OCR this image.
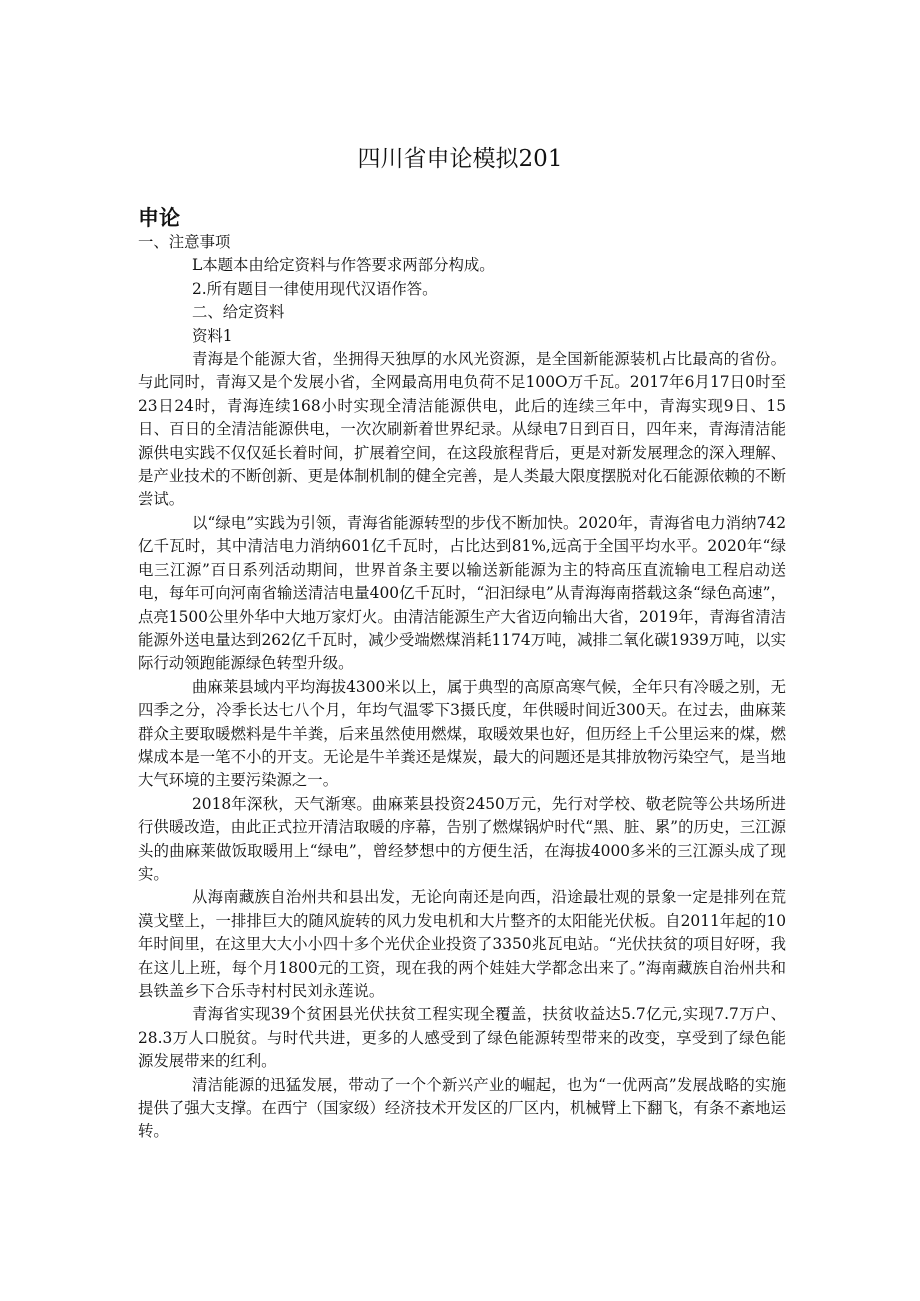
四川省申论模拟201
申论

一、注意事项

L本题本由给定资料与作答要求两部分构成。

2.所有题目一律使用现代汉语作答。

二、给定资料

资料1

青海是个能源大省，坐拥得天独厚的水风光资源，是全国新能源装机占比最高的省份。与此同时，青海又是个发展小省，全网最高用电负荷不足100O万千瓦。2017年6月17日0时至23日24时，青海连续168小时实现全清洁能源供电，此后的连续三年中，青海实现9日、15日、百日的全清洁能源供电，一次次刷新着世界纪录。从绿电7日到百日，四年来，青海清洁能源供电实践不仅仅延长着时间，扩展着空间，在这段旅程背后，更是对新发展理念的深入理解、是产业技术的不断创新、更是体制机制的健全完善，是人类最大限度摆脱对化石能源依赖的不断尝试。

以“绿电”实践为引领，青海省能源转型的步伐不断加快。2020年，青海省电力消纳742亿千瓦时，其中清洁电力消纳601亿千瓦时，占比达到81%,远高于全国平均水平。2020年“绿电三江源”百日系列活动期间，世界首条主要以输送新能源为主的特高压直流输电工程启动送电，每年可向河南省输送清洁电量400亿千瓦时，“汩汩绿电”从青海海南搭载这条“绿色高速”，点亮1500公里外华中大地万家灯火。由清洁能源生产大省迈向输出大省，2019年，青海省清洁能源外送电量达到262亿千瓦时，减少受端燃煤消耗1174万吨，减排二氧化碳1939万吨，以实际行动领跑能源绿色转型升级。

曲麻莱县域内平均海拔4300米以上，属于典型的高原高寒气候，全年只有冷暖之别，无四季之分，冷季长达七八个月，年均气温零下3摄氏度，年供暖时间近300天。在过去，曲麻莱群众主要取暖燃料是牛羊粪，后来虽然使用燃煤，取暖效果也好，但历经上千公里运来的煤，燃煤成本是一笔不小的开支。无论是牛羊粪还是煤炭，最大的问题还是其排放物污染空气，是当地大气环境的主要污染源之一。

2018年深秋，天气渐寒。曲麻莱县投资2450万元，先行对学校、敬老院等公共场所进行供暖改造，由此正式拉开清洁取暖的序幕，告别了燃煤锅炉时代“黑、脏、累”的历史，三江源头的曲麻莱做饭取暖用上“绿电”，曾经梦想中的方便生活，在海拔4000多米的三江源头成了现实。

从海南藏族自治州共和县出发，无论向南还是向西，沿途最壮观的景象一定是排列在荒漠戈壁上，一排排巨大的随风旋转的风力发电机和大片整齐的太阳能光伏板。自2011年起的10年时间里，在这里大大小小四十多个光伏企业投资了3350兆瓦电站。“光伏扶贫的项目好呀，我在这儿上班，每个月1800元的工资，现在我的两个娃娃大学都念出来了。”海南藏族自治州共和县铁盖乡下合乐寺村村民刘永莲说。

青海省实现39个贫困县光伏扶贫工程实现全覆盖，扶贫收益达5.7亿元,实现7.7万户、28.3万人口脱贫。与时代共进，更多的人感受到了绿色能源转型带来的改变，享受到了绿色能源发展带来的红利。

清洁能源的迅猛发展，带动了一个个新兴产业的崛起，也为“一优两高”发展战略的实施提供了强大支撑。在西宁（国家级）经济技术开发区的厂区内，机械臂上下翻飞，有条不紊地运转。
